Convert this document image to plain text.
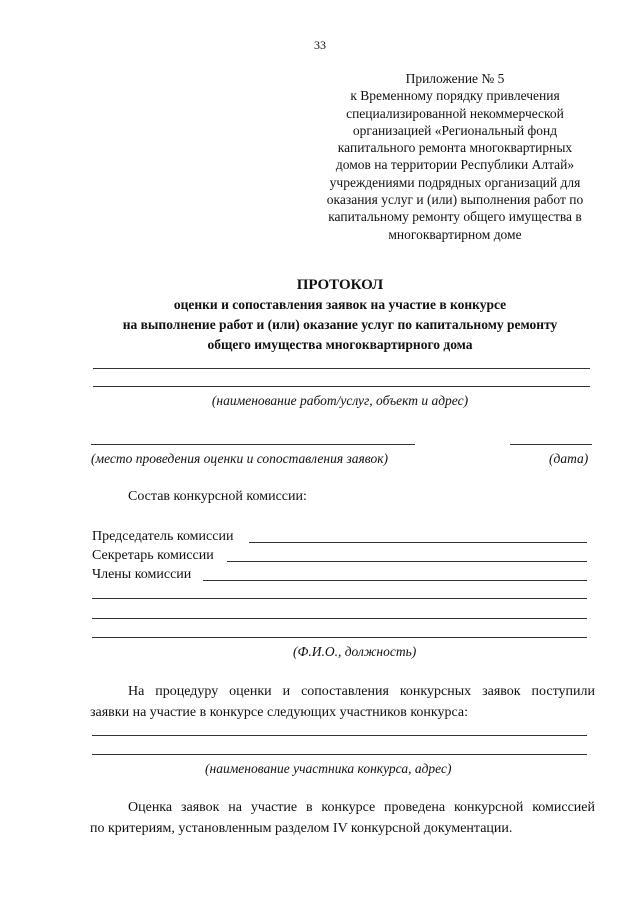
33
Приложение № 5
к Временному порядку привлечения
специализированной некоммерческой
организацией «Региональный фонд
капитального ремонта многоквартирных
домов на территории Республики Алтай»
учреждениями подрядных организаций для
оказания услуг и (или) выполнения работ по
капитальному ремонту общего имущества в
многоквартирном доме
ПРОТОКОЛ
оценки и сопоставления заявок на участие в конкурсе
на выполнение работ и (или) оказание услуг по капитальному ремонту
общего имущества многоквартирного дома
(наименование работ/услуг, объект и адрес)
(место проведения оценки и сопоставления заявок)	(дата)
Состав конкурсной комиссии:
Председатель комиссии
Секретарь комиссии
Члены комиссии
(Ф.И.О., должность)
На процедуру оценки и сопоставления конкурсных заявок поступили
заявки на участие в конкурсе следующих участников конкурса:
(наименование участника конкурса, адрес)
Оценка заявок на участие в конкурсе проведена конкурсной комиссией
по критериям, установленным разделом IV конкурсной документации.
